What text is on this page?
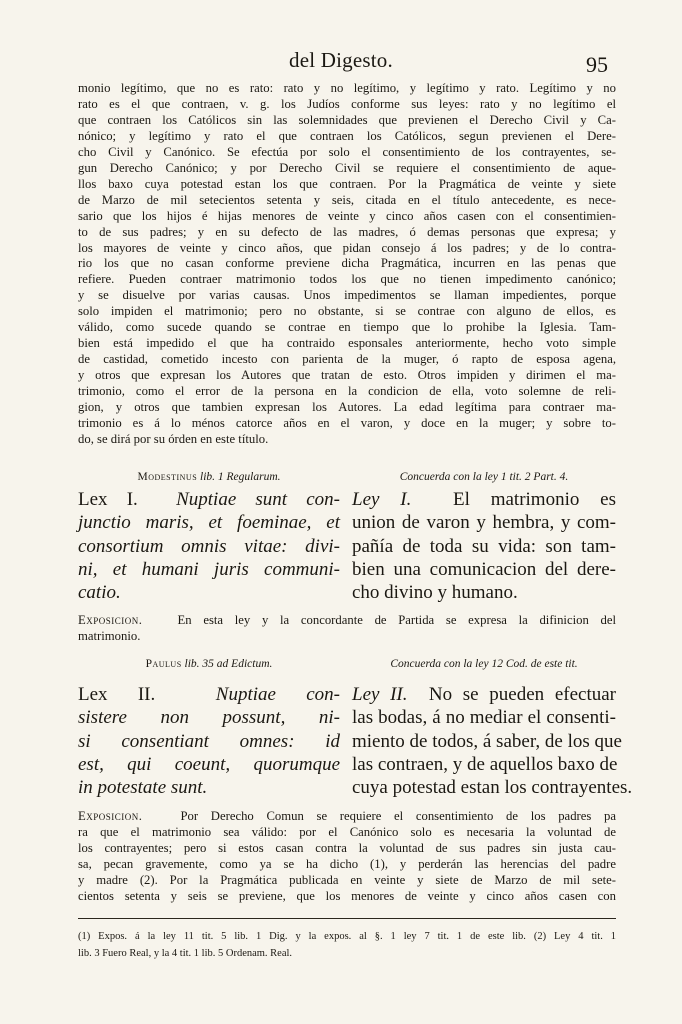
del Digesto.	95
monio legítimo, que no es rato: rato y no legítimo, y legítimo y rato. Legítimo y no
rato es el que contraen, v. g. los Judíos conforme sus leyes: rato y no legítimo el
que contraen los Católicos sin las solemnidades que previenen el Derecho Civil y Ca-
nónico; y legítimo y rato el que contraen los Católicos, segun previenen el Dere-
cho Civil y Canónico. Se efectúa por solo el consentimiento de los contrayentes, se-
gun Derecho Canónico; y por Derecho Civil se requiere el consentimiento de aque-
llos baxo cuya potestad estan los que contraen. Por la Pragmática de veinte y siete
de Marzo de mil setecientos setenta y seis, citada en el título antecedente, es nece-
sario que los hijos é hijas menores de veinte y cinco años casen con el consentimien-
to de sus padres; y en su defecto de las madres, ó demas personas que expresa; y
los mayores de veinte y cinco años, que pidan consejo á los padres; y de lo contra-
rio los que no casan conforme previene dicha Pragmática, incurren en las penas que
refiere. Pueden contraer matrimonio todos los que no tienen impedimento canónico;
y se disuelve por varias causas. Unos impedimentos se llaman impedientes, porque
solo impiden el matrimonio; pero no obstante, si se contrae con alguno de ellos, es
válido, como sucede quando se contrae en tiempo que lo prohibe la Iglesia. Tam-
bien está impedido el que ha contraido esponsales anteriormente, hecho voto simple
de castidad, cometido incesto con parienta de la muger, ó rapto de esposa agena,
y otros que expresan los Autores que tratan de esto. Otros impiden y dirimen el ma-
trimonio, como el error de la persona en la condicion de ella, voto solemne de reli-
gion, y otros que tambien expresan los Autores. La edad legítima para contraer ma-
trimonio es á lo ménos catorce años en el varon, y doce en la muger; y sobre to-
do, se dirá por su órden en este título.
Modestinus lib. 1 Regularum.	Concuerda con la ley 1 tit. 2 Part. 4.
Lex I. Nuptiae sunt con-
junctio maris, et foeminae, et
consortium omnis vitae: divi-
ni, et humani juris communi-
catio.
Ley I. El matrimonio es
union de varon y hembra, y com-
pañía de toda su vida: son tam-
bien una comunicacion del dere-
cho divino y humano.
Exposicion.	En esta ley y la concordante de Partida se expresa la difinicion del
matrimonio.
Paulus lib. 35 ad Edictum.	Concuerda con la ley 12 Cod. de este tit.
Lex II.	Nuptiae con-
sistere non possunt, ni-
si consentiant omnes: id
est, qui coeunt, quorumque
in potestate sunt.
Ley II. No se pueden efectuar
las bodas, á no mediar el consenti-
miento de todos, á saber, de los que
las contraen, y de aquellos baxo de
cuya potestad estan los contrayentes.
Exposicion.	Por Derecho Comun se requiere el consentimiento de los padres pa
ra que el matrimonio sea válido: por el Canónico solo es necesaria la voluntad de
los contrayentes; pero si estos casan contra la voluntad de sus padres sin justa cau-
sa, pecan gravemente, como ya se ha dicho (1), y perderán las herencias del padre
y madre (2). Por la Pragmática publicada en veinte y siete de Marzo de mil sete-
cientos setenta y seis se previene, que los menores de veinte y cinco años casen con
(1) Expos. á la ley 11 tit. 5 lib. 1 Dig. y la expos. al §. 1 ley 7 tit. 1 de este lib. (2) Ley 4 tit. 1
lib. 3 Fuero Real, y la 4 tit. 1 lib. 5 Ordenam. Real.
